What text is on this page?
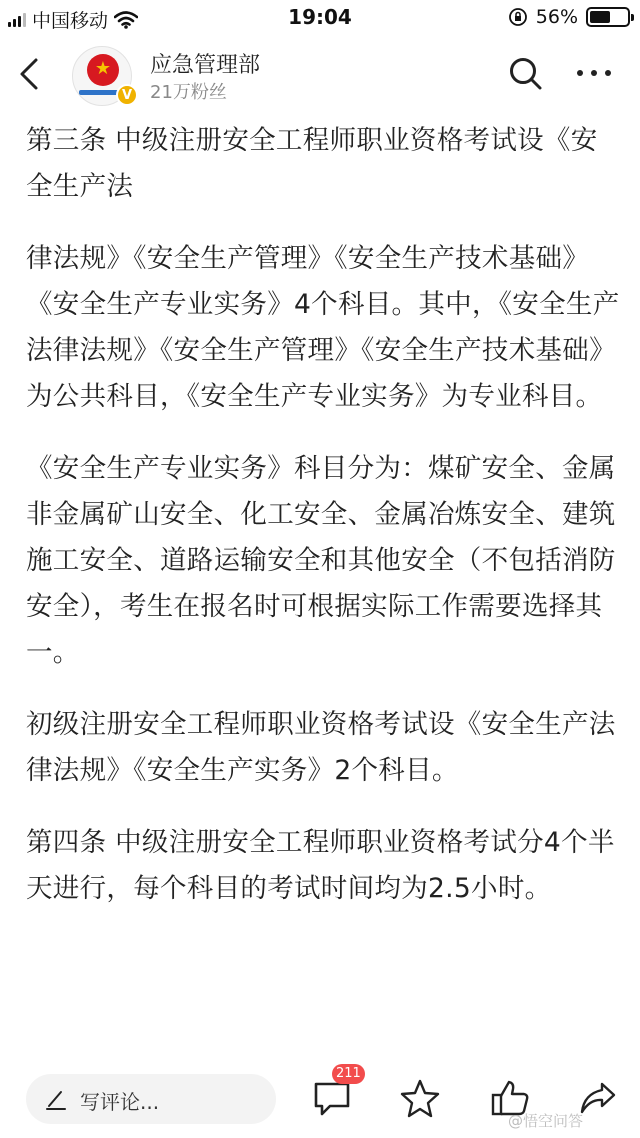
中国移动	19:04	56%
★
V
应急管理部
21万粉丝

第三条 中级注册安全工程师职业资格考试设《安全生产法

律法规》《安全生产管理》《安全生产技术基础》《安全生产专业实务》4个科目。其中，《安全生产法律法规》《安全生产管理》《安全生产技术基础》为公共科目，《安全生产专业实务》为专业科目。

《安全生产专业实务》科目分为：煤矿安全、金属非金属矿山安全、化工安全、金属冶炼安全、建筑施工安全、道路运输安全和其他安全（不包括消防安全），考生在报名时可根据实际工作需要选择其一。

初级注册安全工程师职业资格考试设《安全生产法律法规》《安全生产实务》2个科目。

第四条 中级注册安全工程师职业资格考试分4个半天进行，每个科目的考试时间均为2.5小时。

写评论...
211
@悟空问答
